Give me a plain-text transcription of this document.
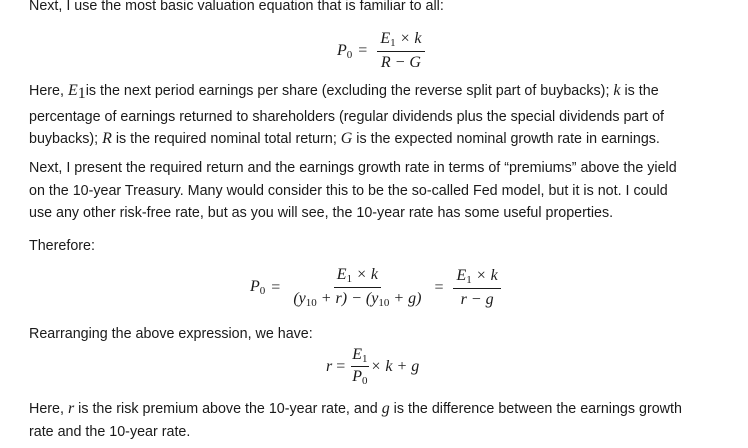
Next, I use the most basic valuation equation that is familiar to all:

$P_0 = \frac{E_1 \times k}{R - G}$
Here, $E_1is$ the next period earnings per share (excluding the reverse split part of buybacks); k is the
percentage of earnings returned to shareholders (regular dividends plus the special dividends part of
buybacks); R is the required nominal total return; G is the expected nominal growth rate in earnings.
Next, I present the required return and the earnings growth rate in terms of “premiums” above the yield
on the 10-year Treasury. Many would consider this to be the so-called Fed model, but it is not. I could
use any other risk-free rate, but as you will see, the 10-year rate has some useful properties.

Therefore:

$P_0 = \frac{E_1 \times k}{(y_{10} + r) - (y_{10} + g)} = \frac{E_1 \times k}{r - g}$

Rearranging the above expression, we have:

$r = \frac{E_1}{P_0} \times k + g$
Here, r is the risk premium above the 10-year rate, and g is the difference between the earnings growth
rate and the 10-year rate.
